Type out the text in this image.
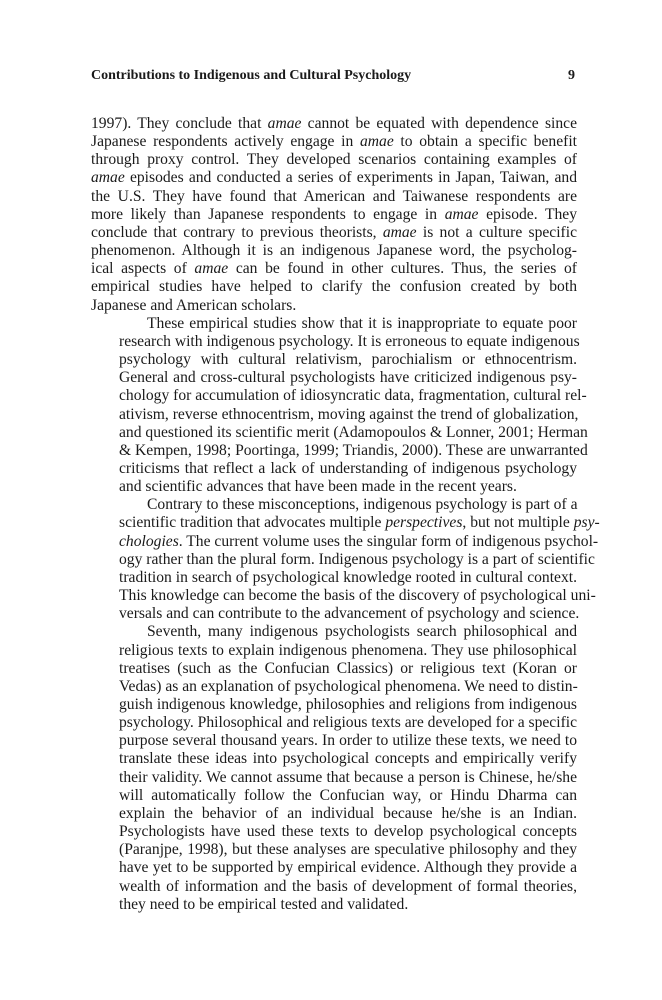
Contributions to Indigenous and Cultural Psychology	9

1997). They conclude that amae cannot be equated with dependence since
Japanese respondents actively engage in amae to obtain a specific benefit
through proxy control. They developed scenarios containing examples of
amae episodes and conducted a series of experiments in Japan, Taiwan, and
the U.S. They have found that American and Taiwanese respondents are
more likely than Japanese respondents to engage in amae episode. They
conclude that contrary to previous theorists, amae is not a culture specific
phenomenon. Although it is an indigenous Japanese word, the psycholog-
ical aspects of amae can be found in other cultures. Thus, the series of
empirical studies have helped to clarify the confusion created by both
Japanese and American scholars.

These empirical studies show that it is inappropriate to equate poor
research with indigenous psychology. It is erroneous to equate indigenous
psychology with cultural relativism, parochialism or ethnocentrism.
General and cross-cultural psychologists have criticized indigenous psy-
chology for accumulation of idiosyncratic data, fragmentation, cultural rel-
ativism, reverse ethnocentrism, moving against the trend of globalization,
and questioned its scientific merit (Adamopoulos & Lonner, 2001; Herman
& Kempen, 1998; Poortinga, 1999; Triandis, 2000). These are unwarranted
criticisms that reflect a lack of understanding of indigenous psychology
and scientific advances that have been made in the recent years.

Contrary to these misconceptions, indigenous psychology is part of a
scientific tradition that advocates multiple perspectives, but not multiple psy-
chologies. The current volume uses the singular form of indigenous psychol-
ogy rather than the plural form. Indigenous psychology is a part of scientific
tradition in search of psychological knowledge rooted in cultural context.
This knowledge can become the basis of the discovery of psychological uni-
versals and can contribute to the advancement of psychology and science.

Seventh, many indigenous psychologists search philosophical and
religious texts to explain indigenous phenomena. They use philosophical
treatises (such as the Confucian Classics) or religious text (Koran or
Vedas) as an explanation of psychological phenomena. We need to distin-
guish indigenous knowledge, philosophies and religions from indigenous
psychology. Philosophical and religious texts are developed for a specific
purpose several thousand years. In order to utilize these texts, we need to
translate these ideas into psychological concepts and empirically verify
their validity. We cannot assume that because a person is Chinese, he/she
will automatically follow the Confucian way, or Hindu Dharma can
explain the behavior of an individual because he/she is an Indian.
Psychologists have used these texts to develop psychological concepts
(Paranjpe, 1998), but these analyses are speculative philosophy and they
have yet to be supported by empirical evidence. Although they provide a
wealth of information and the basis of development of formal theories,
they need to be empirical tested and validated.
